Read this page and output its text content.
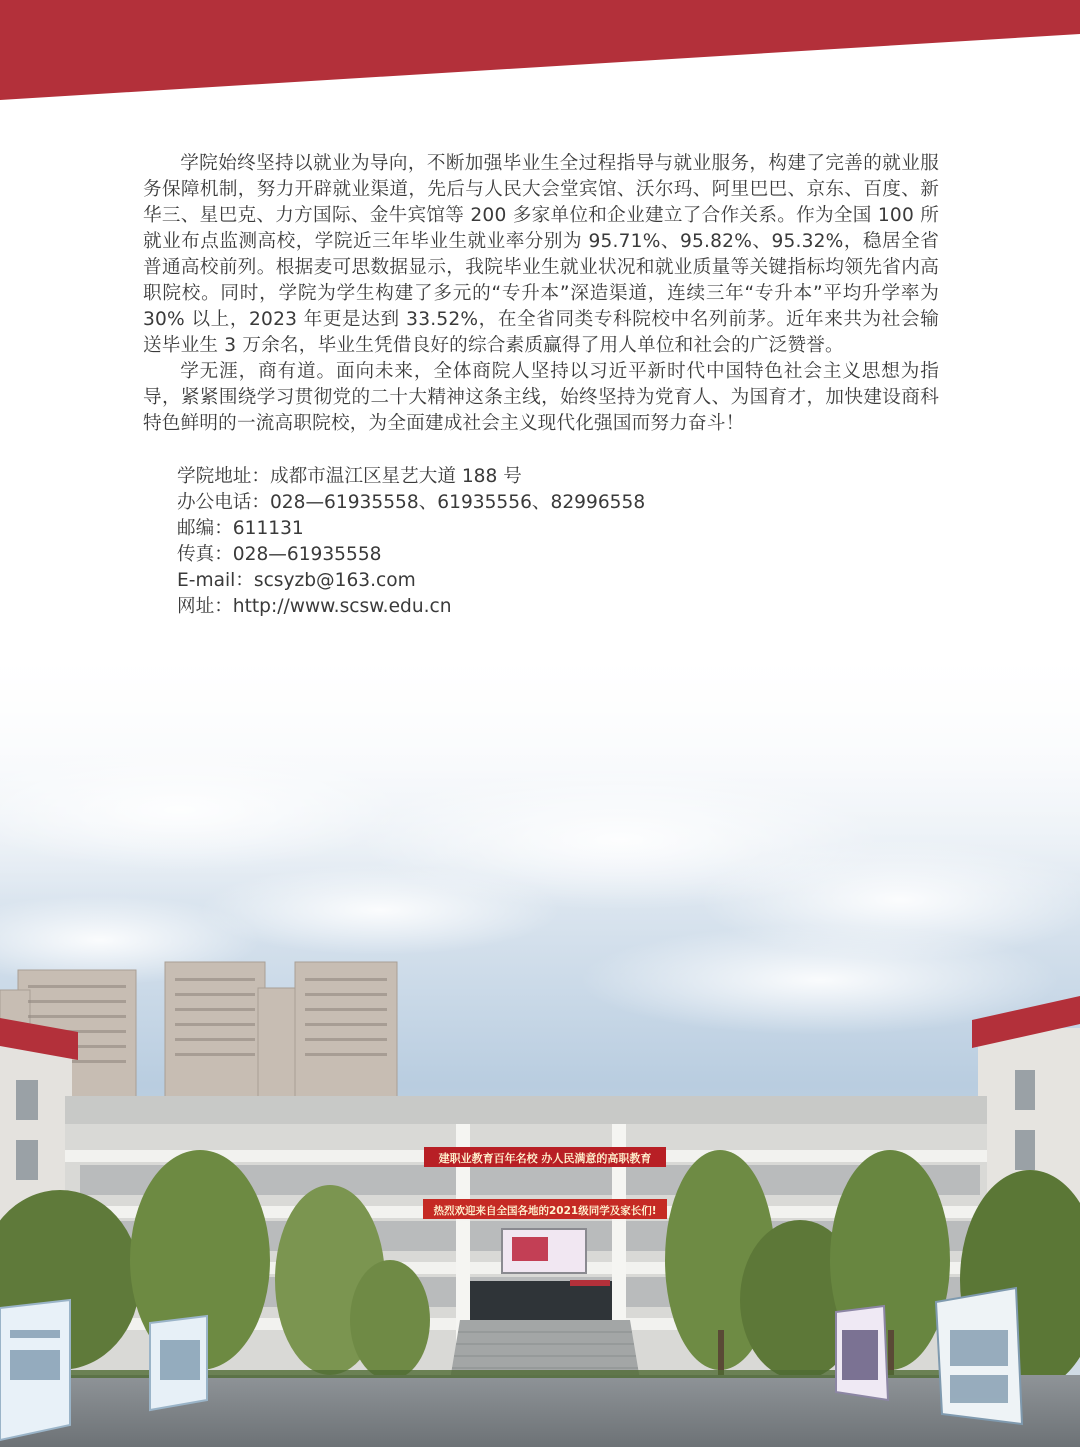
学院始终坚持以就业为导向，不断加强毕业生全过程指导与就业服务，构建了完善的就业服务保障机制，努力开辟就业渠道，先后与人民大会堂宾馆、沃尔玛、阿里巴巴、京东、百度、新华三、星巴克、力方国际、金牛宾馆等 200 多家单位和企业建立了合作关系。作为全国 100 所就业布点监测高校，学院近三年毕业生就业率分别为 95.71%、95.82%、95.32%，稳居全省普通高校前列。根据麦可思数据显示，我院毕业生就业状况和就业质量等关键指标均领先省内高职院校。同时，学院为学生构建了多元的“专升本”深造渠道，连续三年“专升本”平均升学率为 30% 以上，2023 年更是达到 33.52%，在全省同类专科院校中名列前茅。近年来共为社会输送毕业生 3 万余名，毕业生凭借良好的综合素质赢得了用人单位和社会的广泛赞誉。

学无涯，商有道。面向未来，全体商院人坚持以习近平新时代中国特色社会主义思想为指导，紧紧围绕学习贯彻党的二十大精神这条主线，始终坚持为党育人、为国育才，加快建设商科特色鲜明的一流高职院校，为全面建成社会主义现代化强国而努力奋斗！

学院地址：成都市温江区星艺大道 188 号
办公电话：028—61935558、61935556、82996558
邮编：611131
传真：028—61935558
E-mail：scsyzb@163.com
网址：http://www.scsw.edu.cn
建职业教育百年名校 办人民满意的高职教育
热烈欢迎来自全国各地的2021级同学及家长们!
